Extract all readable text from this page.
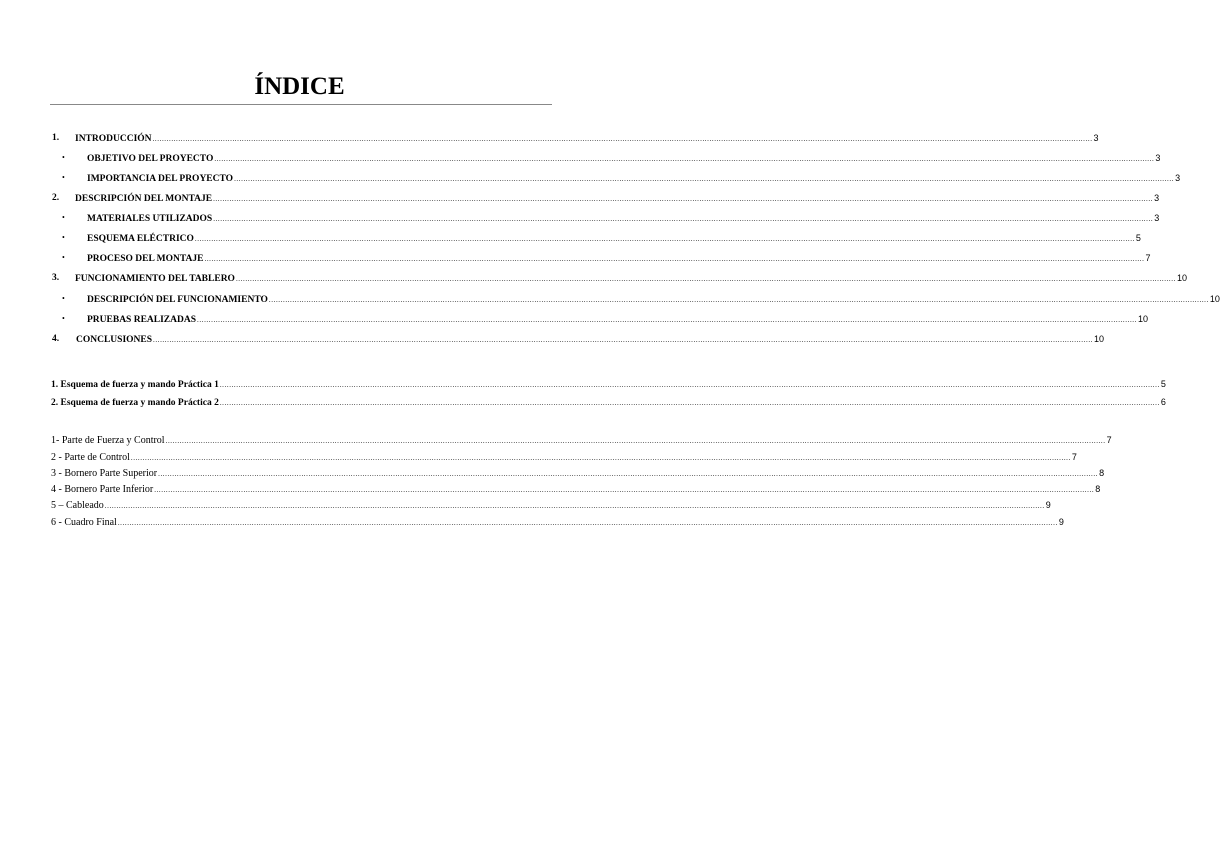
ÍNDICE
1. INTRODUCCIÓN ................................................................................................................................................................................................................................................................................................................................................................................................................ 3
• OBJETIVO DEL PROYECTO ................................................................................................................................................................................................................................................................................................................................................................................................................ 3
• IMPORTANCIA DEL PROYECTO ................................................................................................................................................................................................................................................................................................................................................................................................................ 3
2. DESCRIPCIÓN DEL MONTAJE ................................................................................................................................................................................................................................................................................................................................................................................................................ 3
• MATERIALES UTILIZADOS ................................................................................................................................................................................................................................................................................................................................................................................................................ 3
• ESQUEMA ELÉCTRICO ................................................................................................................................................................................................................................................................................................................................................................................................................ 5
• PROCESO DEL MONTAJE ................................................................................................................................................................................................................................................................................................................................................................................................................ 7
3. FUNCIONAMIENTO DEL TABLERO ................................................................................................................................................................................................................................................................................................................................................................................................................ 10
• DESCRIPCIÓN DEL FUNCIONAMIENTO ................................................................................................................................................................................................................................................................................................................................................................................................................ 10
• PRUEBAS REALIZADAS ................................................................................................................................................................................................................................................................................................................................................................................................................ 10
4. CONCLUSIONES ................................................................................................................................................................................................................................................................................................................................................................................................................ 10
1. Esquema de fuerza y mando Práctica 1 ................................................................................................................................................................................................................................................................................................................................................................................................................ 5
2. Esquema de fuerza y mando Práctica 2 ................................................................................................................................................................................................................................................................................................................................................................................................................ 6
1- Parte de Fuerza y Control ................................................................................................................................................................................................................................................................................................................................................................................................................ 7
2 - Parte de Control ................................................................................................................................................................................................................................................................................................................................................................................................................ 7
3 - Bornero Parte Superior ................................................................................................................................................................................................................................................................................................................................................................................................................ 8
4 - Bornero Parte Inferior ................................................................................................................................................................................................................................................................................................................................................................................................................ 8
5 – Cableado ................................................................................................................................................................................................................................................................................................................................................................................................................ 9
6 - Cuadro Final ................................................................................................................................................................................................................................................................................................................................................................................................................ 9
